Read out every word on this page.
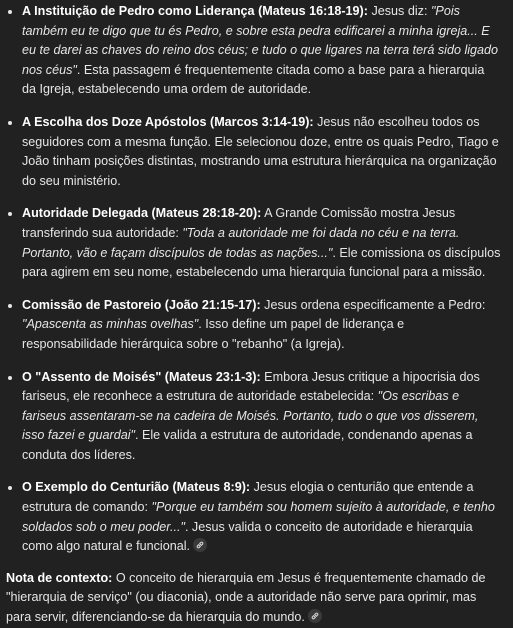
A Instituição de Pedro como Liderança (Mateus 16:18-19): Jesus diz: "Pois também eu te digo que tu és Pedro, e sobre esta pedra edificarei a minha igreja... E eu te darei as chaves do reino dos céus; e tudo o que ligares na terra terá sido ligado nos céus". Esta passagem é frequentemente citada como a base para a hierarquia da Igreja, estabelecendo uma ordem de autoridade.
A Escolha dos Doze Apóstolos (Marcos 3:14-19): Jesus não escolheu todos os seguidores com a mesma função. Ele selecionou doze, entre os quais Pedro, Tiago e João tinham posições distintas, mostrando uma estrutura hierárquica na organização do seu ministério.
Autoridade Delegada (Mateus 28:18-20): A Grande Comissão mostra Jesus transferindo sua autoridade: "Toda a autoridade me foi dada no céu e na terra. Portanto, vão e façam discípulos de todas as nações...". Ele comissiona os discípulos para agirem em seu nome, estabelecendo uma hierarquia funcional para a missão.
Comissão de Pastoreio (João 21:15-17): Jesus ordena especificamente a Pedro: "Apascenta as minhas ovelhas". Isso define um papel de liderança e responsabilidade hierárquica sobre o "rebanho" (a Igreja).
O "Assento de Moisés" (Mateus 23:1-3): Embora Jesus critique a hipocrisia dos fariseus, ele reconhece a estrutura de autoridade estabelecida: "Os escribas e fariseus assentaram-se na cadeira de Moisés. Portanto, tudo o que vos disserem, isso fazei e guardai". Ele valida a estrutura de autoridade, condenando apenas a conduta dos líderes.
O Exemplo do Centurião (Mateus 8:9): Jesus elogia o centurião que entende a estrutura de comando: "Porque eu também sou homem sujeito à autoridade, e tenho soldados sob o meu poder...". Jesus valida o conceito de autoridade e hierarquia como algo natural e funcional.
Nota de contexto: O conceito de hierarquia em Jesus é frequentemente chamado de "hierarquia de serviço" (ou diaconia), onde a autoridade não serve para oprimir, mas para servir, diferenciando-se da hierarquia do mundo.
